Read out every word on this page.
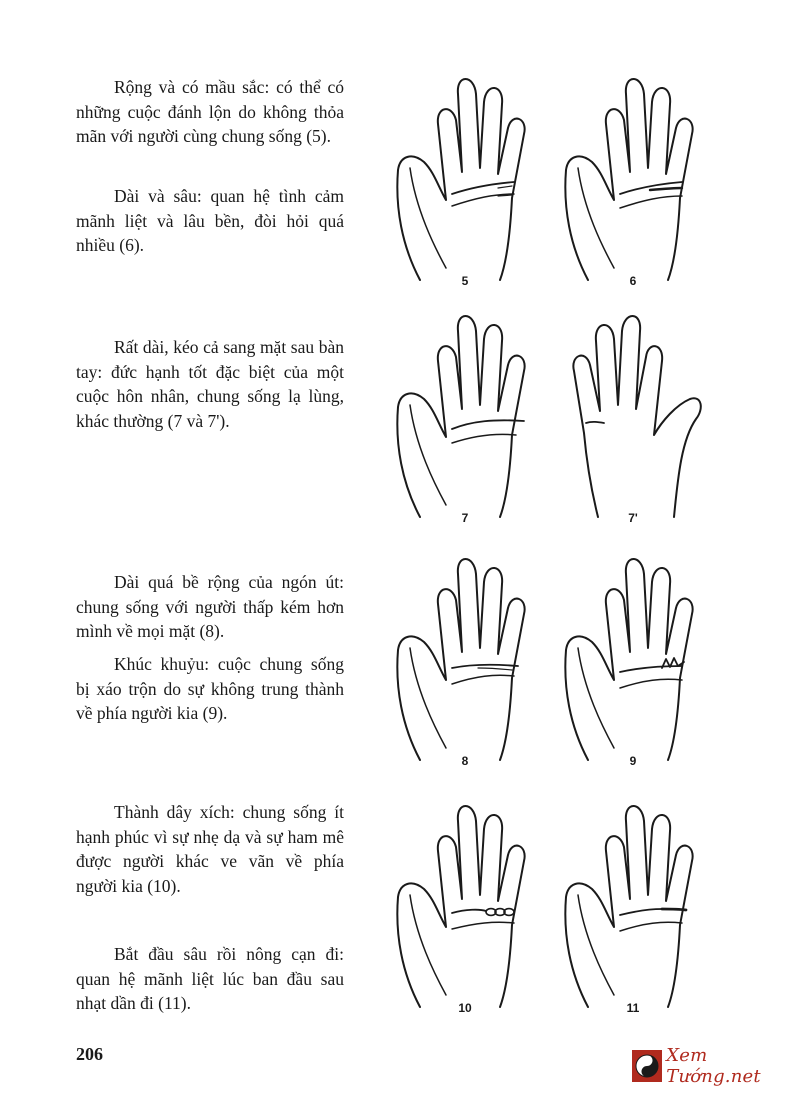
Rộng và có mầu sắc: có thể có những cuộc đánh lộn do không thỏa mãn với người cùng chung sống (5).

Dài và sâu: quan hệ tình cảm mãnh liệt và lâu bền, đòi hỏi quá nhiều (6).

Rất dài, kéo cả sang mặt sau bàn tay: đức hạnh tốt đặc biệt của một cuộc hôn nhân, chung sống lạ lùng, khác thường (7 và 7').

Dài quá bề rộng của ngón út: chung sống với người thấp kém hơn mình về mọi mặt (8).

Khúc khuỷu: cuộc chung sống bị xáo trộn do sự không trung thành về phía người kia (9).

Thành dây xích: chung sống ít hạnh phúc vì sự nhẹ dạ và sự ham mê được người khác ve vãn về phía người kia (10).

Bắt đầu sâu rồi nông cạn đi: quan hệ mãnh liệt lúc ban đầu sau nhạt dần đi (11).

5	6
7	7'
8	9
10	11
206	Xem Tướng.net
